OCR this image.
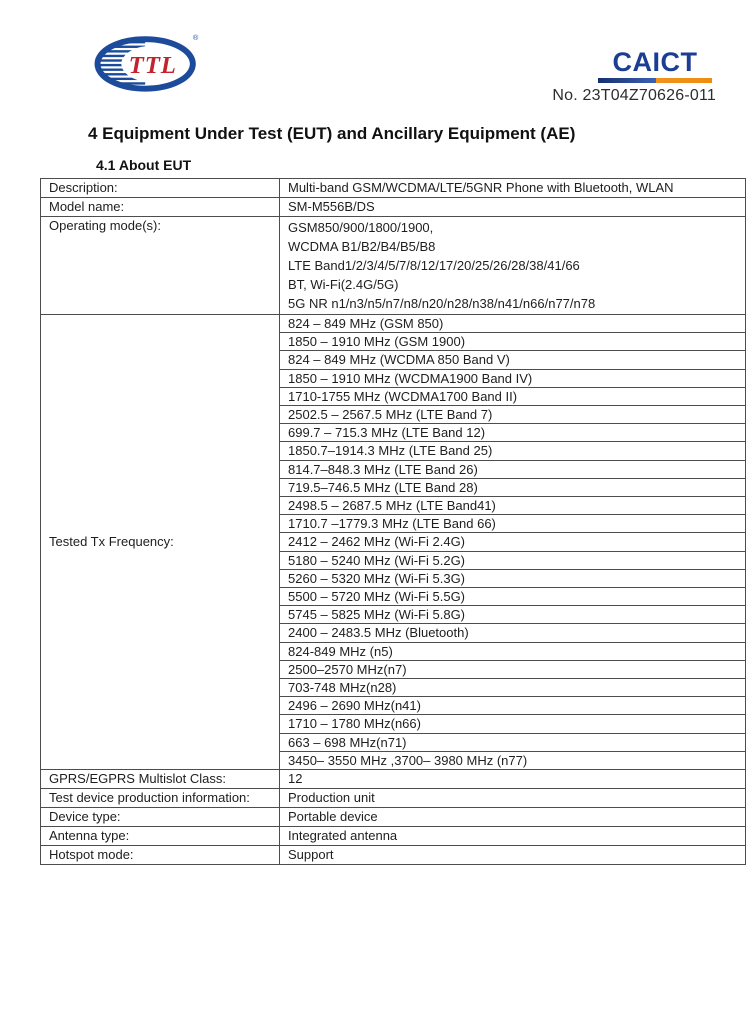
TTL
®
CAICT
No. 23T04Z70626-011
4 Equipment Under Test (EUT) and Ancillary Equipment (AE)
4.1 About EUT
Description:	Multi-band GSM/WCDMA/LTE/5GNR Phone with Bluetooth, WLAN
Model name:	SM-M556B/DS
Operating mode(s):	GSM850/900/1800/1900,
WCDMA B1/B2/B4/B5/B8
LTE Band1/2/3/4/5/7/8/12/17/20/25/26/28/38/41/66
BT, Wi-Fi(2.4G/5G)
5G NR n1/n3/n5/n7/n8/n20/n28/n38/n41/n66/n77/n78

Tested Tx Frequency:	824 – 849 MHz (GSM 850)
	1850 – 1910 MHz (GSM 1900)
	824 – 849 MHz (WCDMA 850 Band V)
	1850 – 1910 MHz (WCDMA1900 Band IV)
	1710-1755 MHz (WCDMA1700 Band II)
	2502.5 – 2567.5 MHz (LTE Band 7)
	699.7 – 715.3 MHz (LTE Band 12)
	1850.7–1914.3 MHz (LTE Band 25)
	814.7–848.3 MHz (LTE Band 26)
	719.5–746.5 MHz (LTE Band 28)
	2498.5 – 2687.5 MHz (LTE Band41)
	1710.7 –1779.3 MHz (LTE Band 66)
	2412 – 2462 MHz (Wi-Fi 2.4G)
	5180 – 5240 MHz (Wi-Fi 5.2G)
	5260 – 5320 MHz (Wi-Fi 5.3G)
	5500 – 5720 MHz (Wi-Fi 5.5G)
	5745 – 5825 MHz (Wi-Fi 5.8G)
	2400 – 2483.5 MHz (Bluetooth)
	824-849 MHz (n5)
	2500–2570 MHz(n7)
	703-748 MHz(n28)
	2496 – 2690 MHz(n41)
	1710 – 1780 MHz(n66)
	663 – 698 MHz(n71)
	3450– 3550 MHz ,3700– 3980 MHz (n77)
GPRS/EGPRS Multislot Class:	12
Test device production information:	Production unit
Device type:	Portable device
Antenna type:	Integrated antenna
Hotspot mode:	Support
